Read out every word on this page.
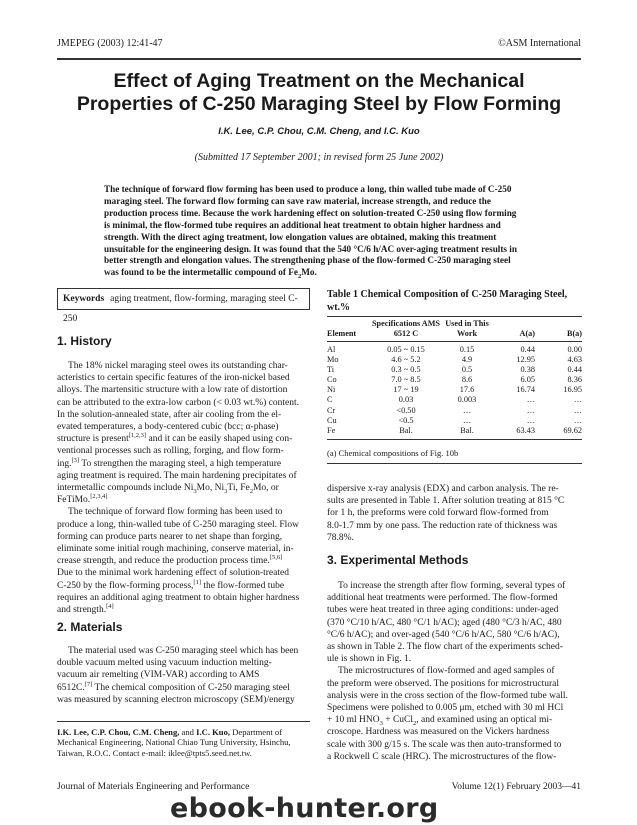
JMEPEG (2003) 12:41-47	©ASM International
Effect of Aging Treatment on the Mechanical
Properties of C-250 Maraging Steel by Flow Forming
I.K. Lee, C.P. Chou, C.M. Cheng, and I.C. Kuo
(Submitted 17 September 2001; in revised form 25 June 2002)
The technique of forward flow forming has been used to produce a long, thin walled tube made of C-250
maraging steel. The forward flow forming can save raw material, increase strength, and reduce the
production process time. Because the work hardening effect on solution-treated C-250 using flow forming
is minimal, the flow-formed tube requires an additional heat treatment to obtain higher hardness and
strength. With the direct aging treatment, low elongation values are obtained, making this treatment
unsuitable for the engineering design. It was found that the 540 °C/6 h/AC over-aging treatment results in
better strength and elongation values. The strengthening phase of the flow-formed C-250 maraging steel
was found to be the intermetallic compound of $Fe_2Mo$.
Keywords aging treatment, flow-forming, maraging steel C-250
1. History

The 18% nickel maraging steel owes its outstanding char-
acteristics to certain specific features of the iron-nickel based
alloys. The martensitic structure with a low rate of distortion
can be attributed to the extra-low carbon (< 0.03 wt.%) content.
In the solution-annealed state, after air cooling from the el-
evated temperatures, a body-centered cubic (bcc; α-phase)
structure is present[1,2,3] and it can be easily shaped using con-
ventional processes such as rolling, forging, and flow form-
ing.[3] To strengthen the maraging steel, a high temperature
aging treatment is required. The main hardening precipitates of
intermetallic compounds include $Ni_3Mo$, $Ni_3Ti$, $Fe_2Mo$, or
FeTiMo.[2,3,4]

The technique of forward flow forming has been used to
produce a long, thin-walled tube of C-250 maraging steel. Flow
forming can produce parts nearer to net shape than forging,
eliminate some initial rough machining, conserve material, in-
crease strength, and reduce the production process time.[5,6]
Due to the minimal work hardening effect of solution-treated
C-250 by the flow-forming process,[1] the flow-formed tube
requires an additional aging treatment to obtain higher hardness
and strength.[4]

2. Materials

The material used was C-250 maraging steel which has been
double vacuum melted using vacuum induction melting-
vacuum air remelting (VIM-VAR) according to AMS
6512C.[7] The chemical composition of C-250 maraging steel
was measured by scanning electron microscopy (SEM)/energy

I.K. Lee, C.P. Chou, C.M. Cheng, and I.C. Kuo, Department of Mechanical Engineering, National Chiao Tung University, Hsinchu, Taiwan, R.O.C. Contact e-mail: iklee@tpts5.seed.net.tw.
Table 1 Chemical Composition of C-250 Maraging Steel, wt.%
Element	Specifications AMS 6512 C	Used in This Work	A(a)	B(a)
Al	0.05 ~ 0.15	0.15	0.44	0.00
Mo	4.6 ~ 5.2	4.9	12.95	4.63
Ti	0.3 ~ 0.5	0.5	0.38	0.44
Co	7.0 ~ 8.5	8.6	6.05	8.36
Ni	17 ~ 19	17.6	16.74	16.95
C	0.03	0.003	…	…
Cr	<0.50	…	…	…
Cu	<0.5	…	…	…
Fe	Bal.	Bal.	63.43	69.62
(a) Chemical compositions of Fig. 10b
dispersive x-ray analysis (EDX) and carbon analysis. The re-
sults are presented in Table 1. After solution treating at 815 °C
for 1 h, the preforms were cold forward flow-formed from
8.0-1.7 mm by one pass. The reduction rate of thickness was
78.8%.
3. Experimental Methods

To increase the strength after flow forming, several types of
additional heat treatments were performed. The flow-formed
tubes were heat treated in three aging conditions: under-aged
(370 °C/10 h/AC, 480 °C/1 h/AC); aged (480 °C/3 h/AC, 480
°C/6 h/AC); and over-aged (540 °C/6 h/AC, 580 °C/6 h/AC),
as shown in Table 2. The flow chart of the experiments sched-
ule is shown in Fig. 1.

The microstructures of flow-formed and aged samples of
the preform were observed. The positions for microstructural
analysis were in the cross section of the flow-formed tube wall.
Specimens were polished to 0.005 μm, etched with 30 ml HCl
+ 10 ml $HNO_3$ + CuCl$_2$, and examined using an optical mi-
croscope. Hardness was measured on the Vickers hardness
scale with 300 g/15 s. The scale was then auto-transformed to
a Rockwell C scale (HRC). The microstructures of the flow-

Journal of Materials Engineering and Performance	Volume 12(1) February 2003—41
ebook-hunter.org
